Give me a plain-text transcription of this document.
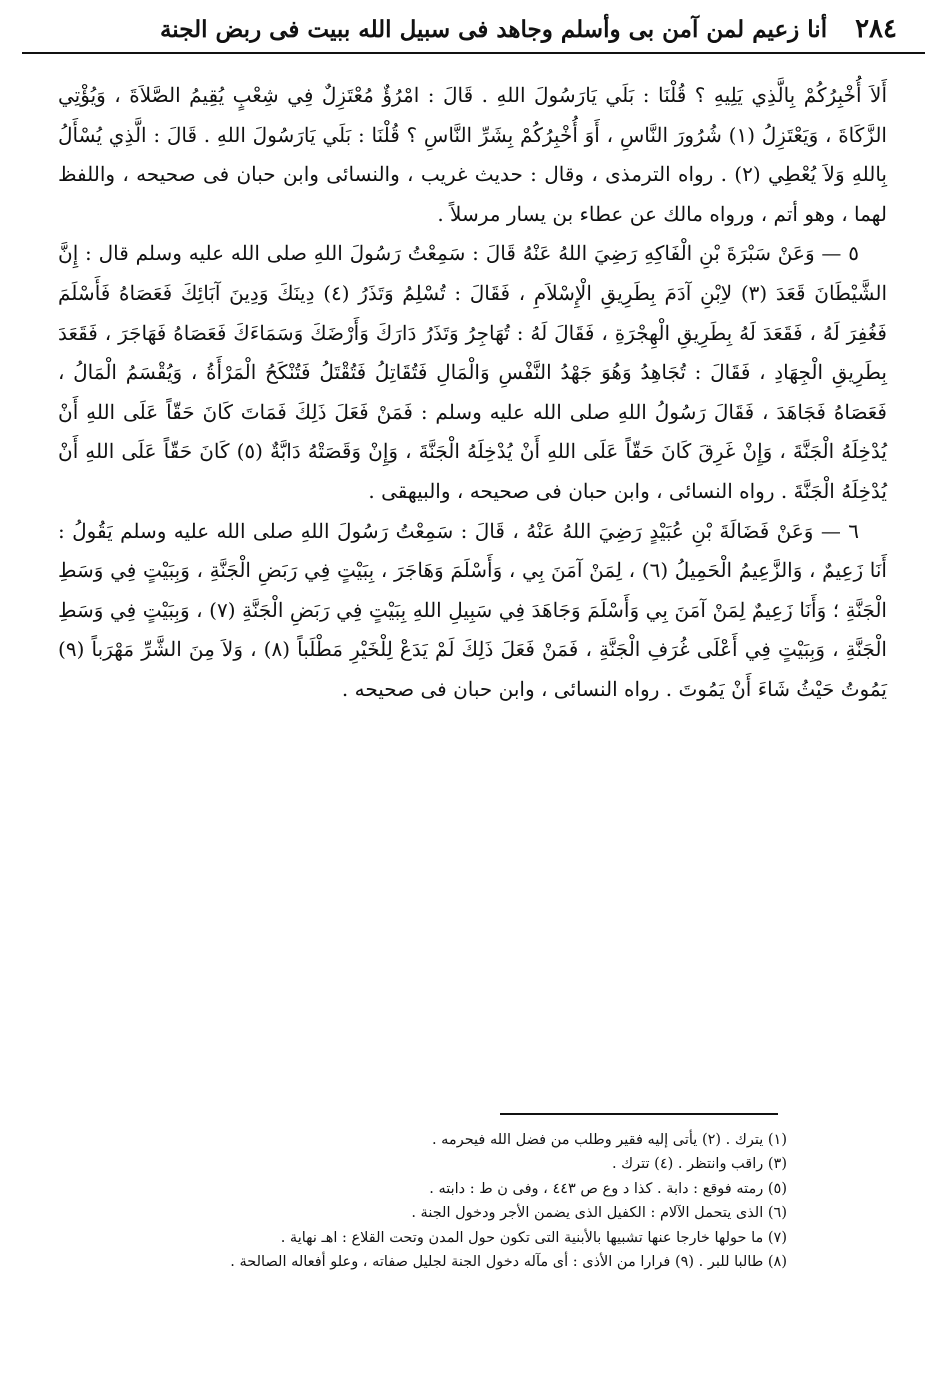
٢٨٤
أنا زعيم لمن آمن بى وأسلم وجاهد فى سبيل الله ببيت فى ربض الجنة

أَلاَ أُخْبِرُكُمْ بِالَّذِي يَلِيهِ ؟ قُلْنَا : بَلَي يَارَسُولَ اللهِ . قَالَ : امْرُؤٌ مُعْتَزِلٌ فِي شِعْبٍ يُقِيمُ الصَّلاَةَ ، وَيُؤْتِي الزَّكَاةَ ، وَيَعْتَزِلُ (١) شُرُورَ النَّاسِ ، أَوَ أُخْبِرُكُمْ بِشَرِّ النَّاسِ ؟ قُلْنَا : بَلَي يَارَسُولَ اللهِ . قَالَ : الَّذِي يُسْأَلُ بِاللهِ وَلاَ يُعْطِي (٢) . رواه الترمذى ، وقال : حديث غريب ، والنسائى وابن حبان فى صحيحه ، واللفظ لهما ، وهو أتم ، ورواه مالك عن عطاء بن يسار مرسلاً .

٥ — وَعَنْ سَبْرَةَ بْنِ الْفَاكِهِ رَضِيَ اللهُ عَنْهُ قَالَ : سَمِعْتُ رَسُولَ اللهِ صلى الله عليه وسلم قال : إِنَّ الشَّيْطَانَ قَعَدَ (٣) لاِبْنِ آدَمَ بِطَرِيقِ الْإِسْلاَمِ ، فَقَالَ : تُسْلِمُ وَتَذَرُ (٤) دِينَكَ وَدِينَ آبَائِكَ فَعَصَاهُ فَأَسْلَمَ فَغُفِرَ لَهُ ، فَقَعَدَ لَهُ بِطَرِيقِ الْهِجْرَةِ ، فَقَالَ لَهُ : تُهَاجِرُ وَتَذَرُ دَارَكَ وَأَرْضَكَ وَسَمَاءَكَ فَعَصَاهُ فَهَاجَرَ ، فَقَعَدَ بِطَرِيقِ الْجِهَادِ ، فَقَالَ : تُجَاهِدُ وَهُوَ جَهْدُ النَّفْسِ وَالْمَالِ فَتُقَاتِلُ فَتُقْتَلُ فَتُنْكَحُ الْمَرْأَةُ ، وَيُقْسَمُ الْمَالُ ، فَعَصَاهُ فَجَاهَدَ ، فَقَالَ رَسُولُ اللهِ صلى الله عليه وسلم : فَمَنْ فَعَلَ ذَلِكَ فَمَاتَ كَانَ حَقّاً عَلَى اللهِ أَنْ يُدْخِلَهُ الْجَنَّةَ ، وَإِنْ غَرِقَ كَانَ حَقّاً عَلَى اللهِ أَنْ يُدْخِلَهُ الْجَنَّةَ ، وَإِنْ وَقَصَتْهُ دَابَّةٌ (٥) كَانَ حَقّاً عَلَى اللهِ أَنْ يُدْخِلَهُ الْجَنَّةَ . رواه النسائى ، وابن حبان فى صحيحه ، والبيهقى .

٦ — وَعَنْ فَضَالَةَ بْنِ عُبَيْدٍ رَضِيَ اللهُ عَنْهُ ، قَالَ : سَمِعْتُ رَسُولَ اللهِ صلى الله عليه وسلم يَقُولُ : أَنَا زَعِيمٌ ، وَالزَّعِيمُ الْحَمِيلُ (٦) ، لِمَنْ آمَنَ بِي ، وَأَسْلَمَ وَهَاجَرَ ، بِبَيْتٍ فِي رَبَضِ الْجَنَّةِ ، وَبِبَيْتٍ فِي وَسَطِ الْجَنَّةِ ؛ وَأَنَا زَعِيمٌ لِمَنْ آمَنَ بِي وَأَسْلَمَ وَجَاهَدَ فِي سَبِيلِ اللهِ بِبَيْتٍ فِي رَبَضِ الْجَنَّةِ (٧) ، وَبِبَيْتٍ فِي وَسَطِ الْجَنَّةِ ، وَبِبَيْتٍ فِي أَعْلَى غُرَفِ الْجَنَّةِ ، فَمَنْ فَعَلَ ذَلِكَ لَمْ يَدَعْ لِلْخَيْرِ مَطْلَباً (٨) ، وَلاَ مِنَ الشَّرِّ مَهْرَباً (٩) يَمُوتُ حَيْثُ شَاءَ أَنْ يَمُوتَ . رواه النسائى ، وابن حبان فى صحيحه .

(١) يترك . (٢) يأتى إليه فقير وطلب من فضل الله فيحرمه .
(٣) راقب وانتظر . (٤) تترك .
(٥) رمته فوقع : دابة . كذا د وع ص ٤٤٣ ، وفى ن ط : دابته .
(٦) الذى يتحمل الآلام : الكفيل الذى يضمن الأجر ودخول الجنة .
(٧) ما حولها خارجا عنها تشبيها بالأبنية التى تكون حول المدن وتحت القلاع : اهـ نهاية .
(٨) طالبا للبر . (٩) فرارا من الأذى : أى مآله دخول الجنة لجليل صفاته ، وعلو أفعاله الصالحة .
